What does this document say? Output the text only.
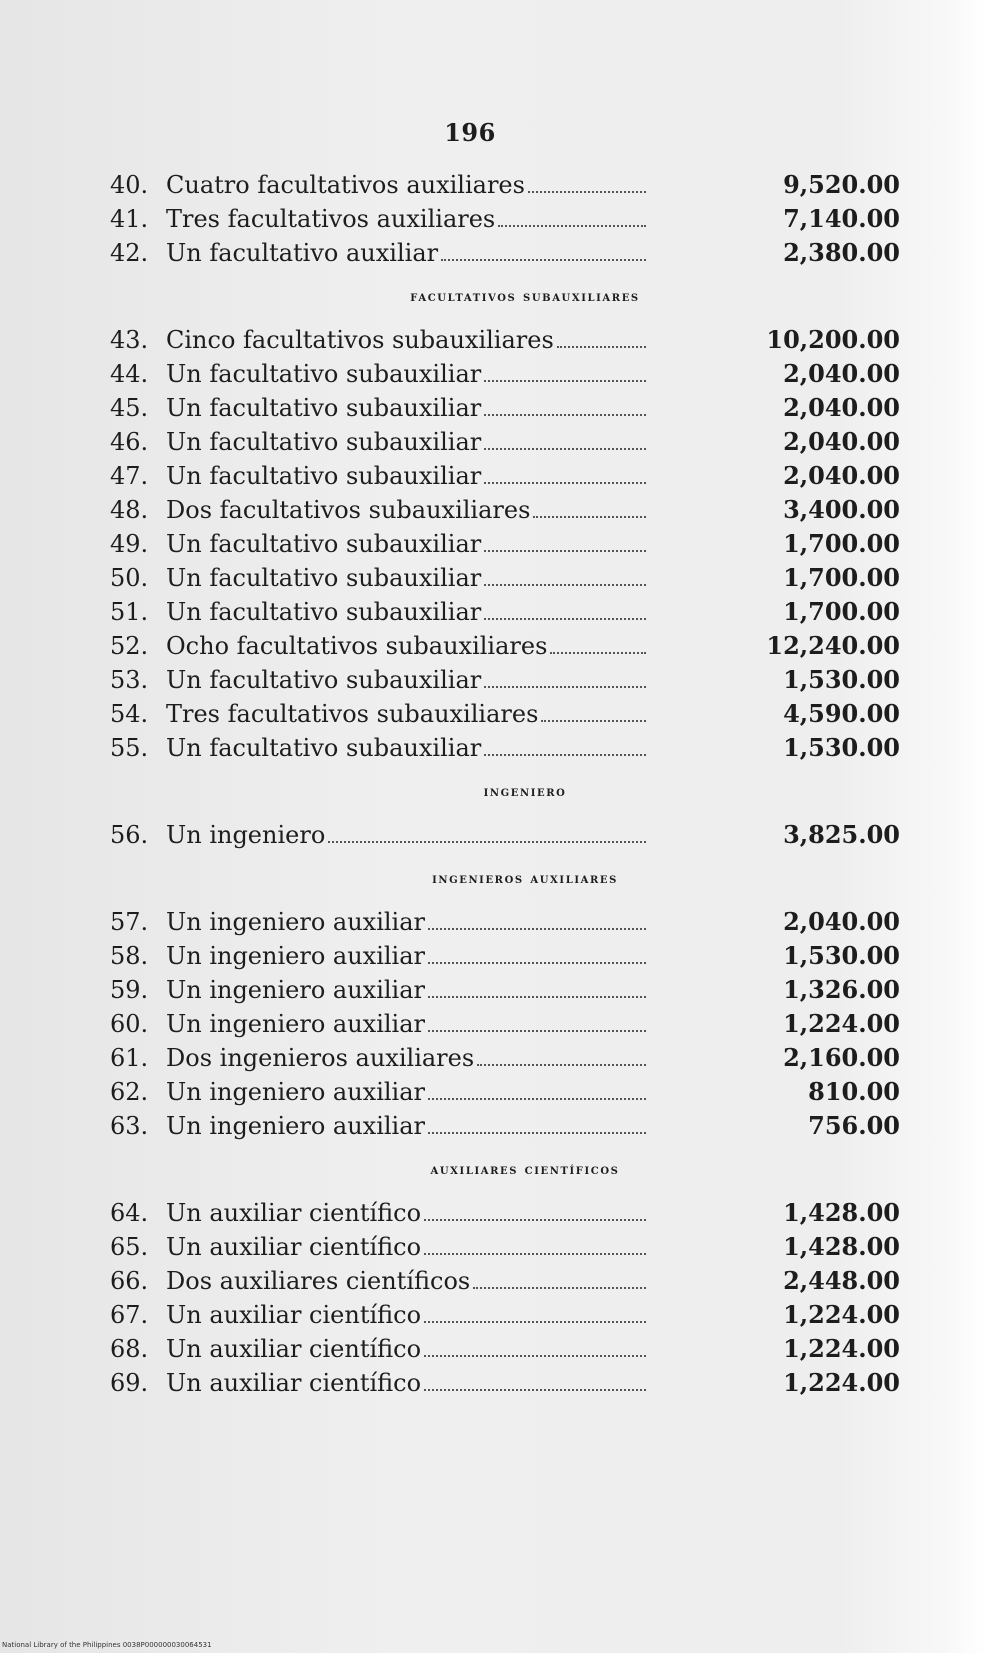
196
40. Cuatro facultativos auxiliares	9,520.00
41. Tres facultativos auxiliares	7,140.00
42. Un facultativo auxiliar	2,380.00
facultativos subauxiliares
43. Cinco facultativos subauxiliares	10,200.00
44. Un facultativo subauxiliar	2,040.00
45. Un facultativo subauxiliar	2,040.00
46. Un facultativo subauxiliar	2,040.00
47. Un facultativo subauxiliar	2,040.00
48. Dos facultativos subauxiliares	3,400.00
49. Un facultativo subauxiliar	1,700.00
50. Un facultativo subauxiliar	1,700.00
51. Un facultativo subauxiliar	1,700.00
52. Ocho facultativos subauxiliares	12,240.00
53. Un facultativo subauxiliar	1,530.00
54. Tres facultativos subauxiliares	4,590.00
55. Un facultativo subauxiliar	1,530.00
ingeniero
56. Un ingeniero	3,825.00
ingenieros auxiliares
57. Un ingeniero auxiliar	2,040.00
58. Un ingeniero auxiliar	1,530.00
59. Un ingeniero auxiliar	1,326.00
60. Un ingeniero auxiliar	1,224.00
61. Dos ingenieros auxiliares	2,160.00
62. Un ingeniero auxiliar	810.00
63. Un ingeniero auxiliar	756.00
auxiliares científicos
64. Un auxiliar científico	1,428.00
65. Un auxiliar científico	1,428.00
66. Dos auxiliares científicos	2,448.00
67. Un auxiliar científico	1,224.00
68. Un auxiliar científico	1,224.00
69. Un auxiliar científico	1,224.00
National Library of the Philippines 0038P000000030064531
